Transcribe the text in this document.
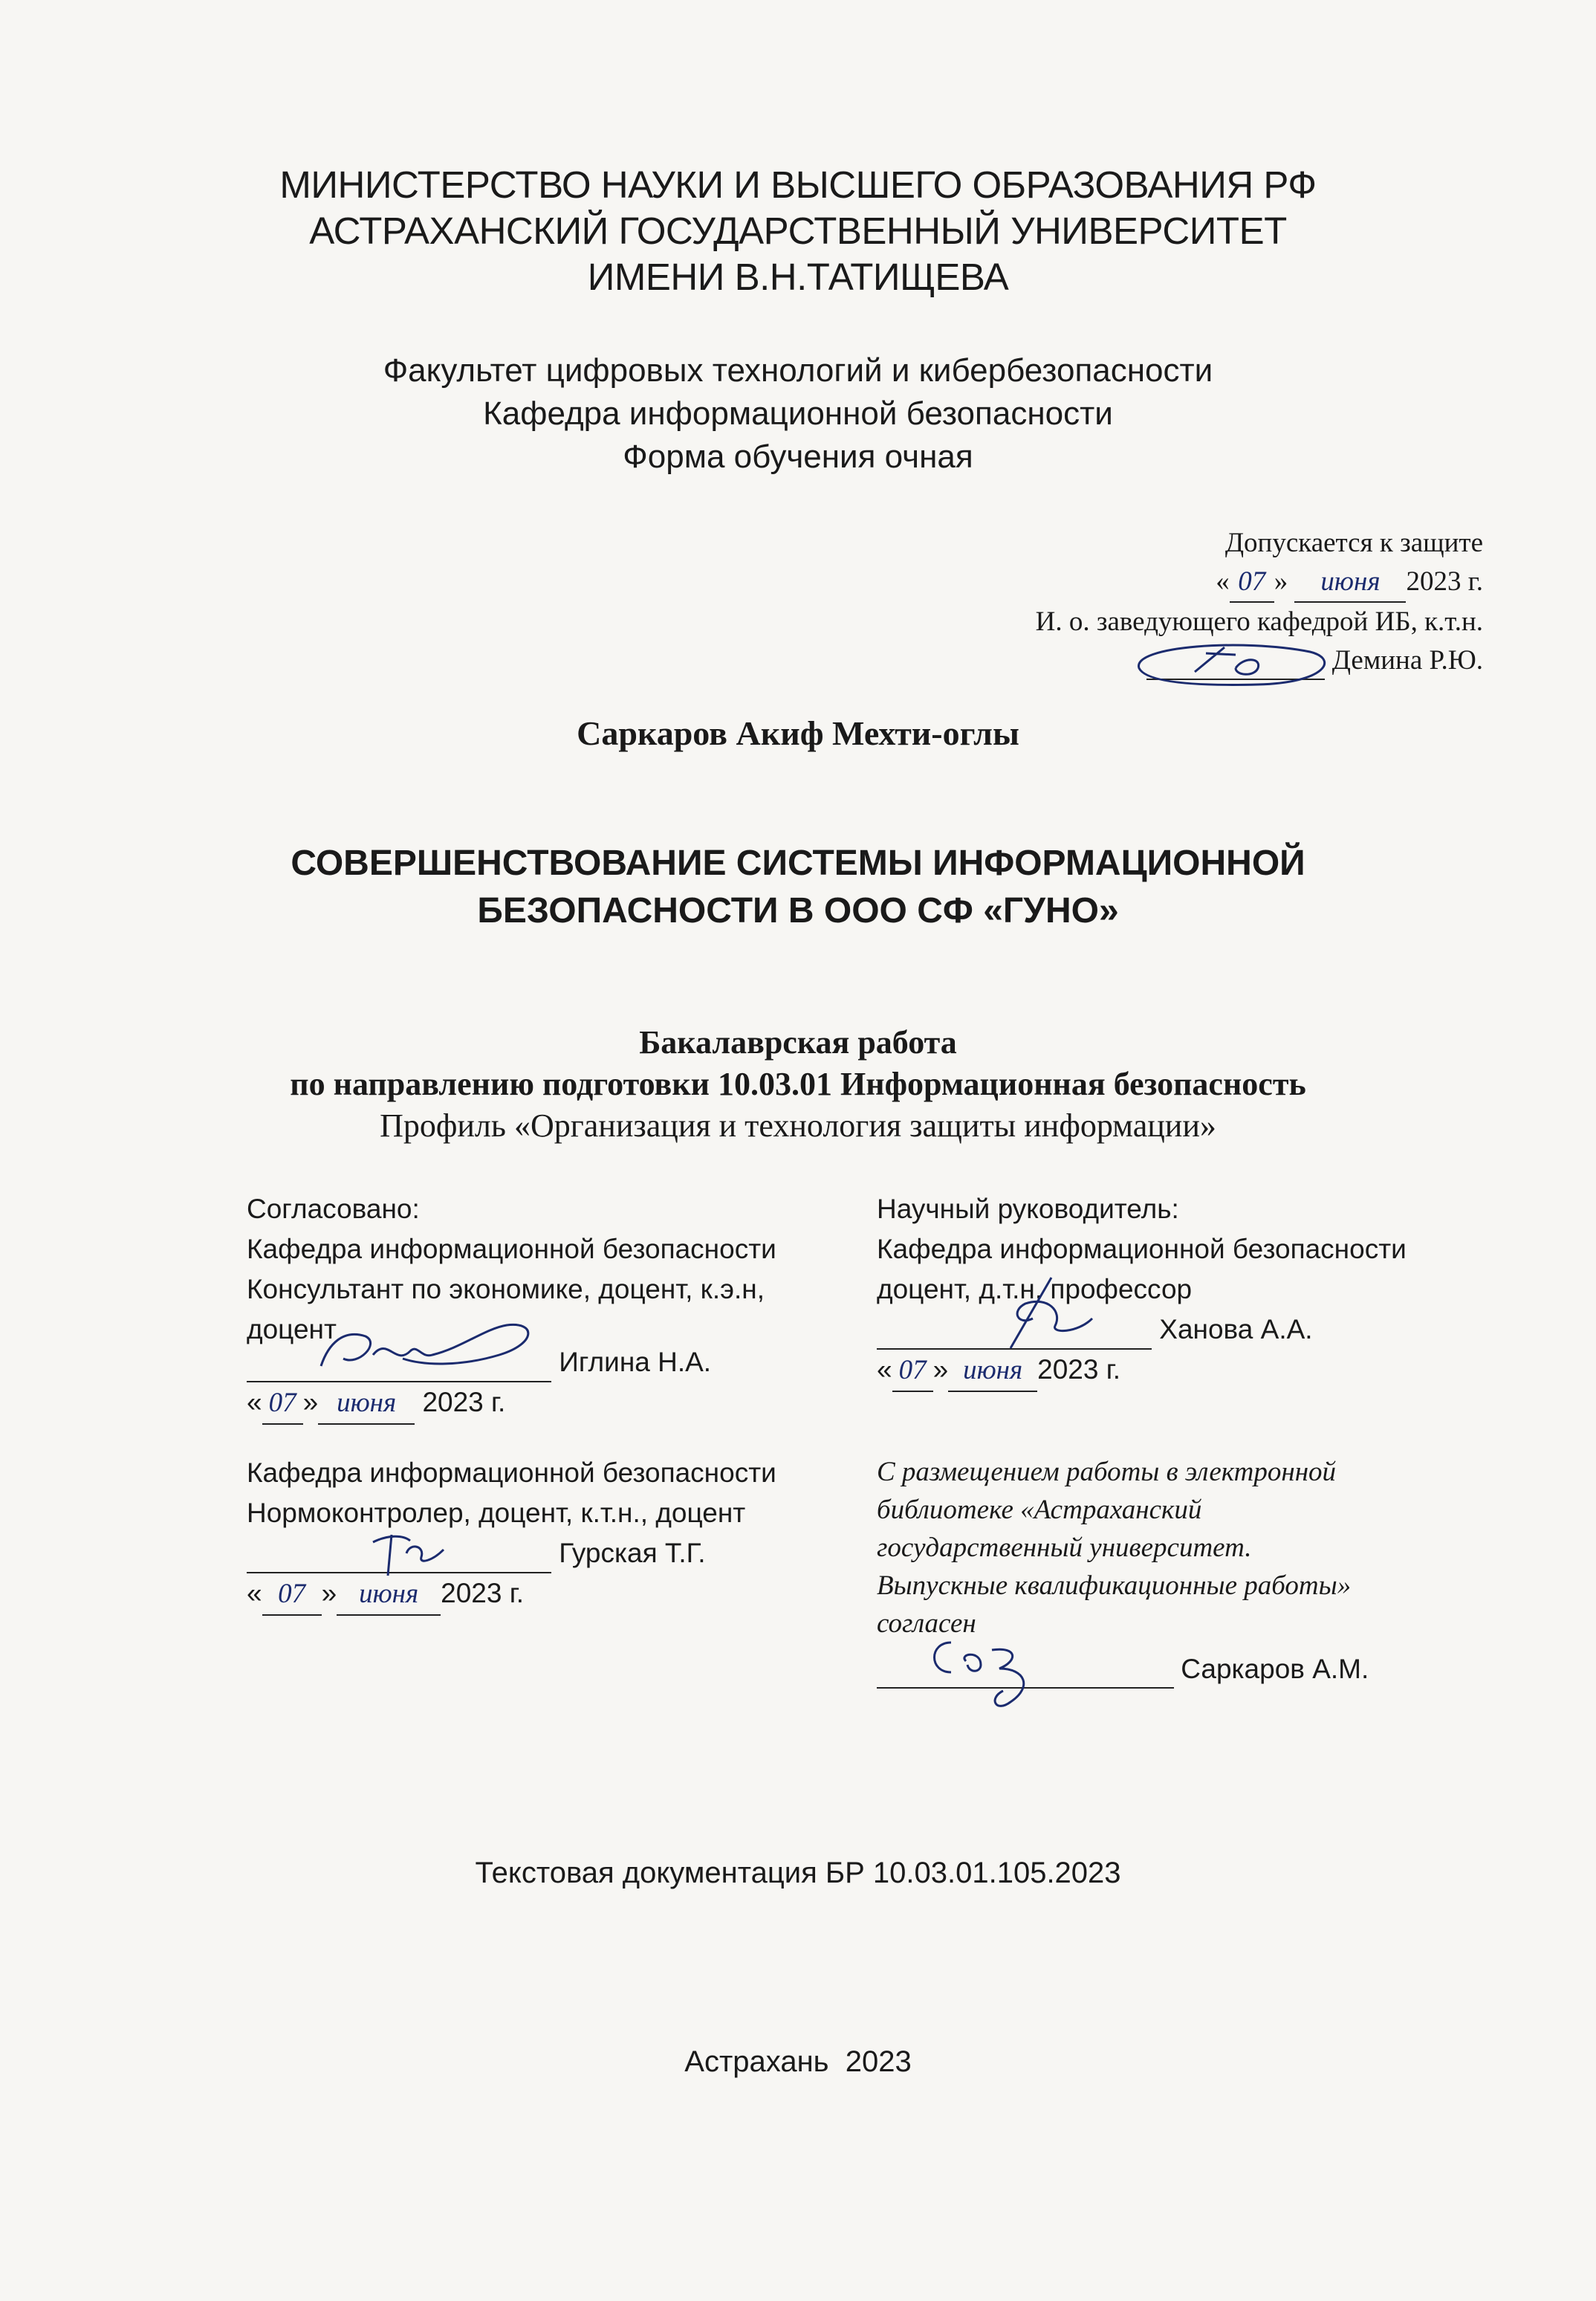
МИНИСТЕРСТВО НАУКИ И ВЫСШЕГО ОБРАЗОВАНИЯ РФ
АСТРАХАНСКИЙ ГОСУДАРСТВЕННЫЙ УНИВЕРСИТЕТ
ИМЕНИ В.Н.ТАТИЩЕВА
Факультет цифровых технологий и кибербезопасности
Кафедра информационной безопасности
Форма обучения очная
Допускается к защите
« 07 » июня 2023 г.
И. о. заведующего кафедрой ИБ, к.т.н.
Демина Р.Ю.
Саркаров Акиф Мехти-оглы
СОВЕРШЕНСТВОВАНИЕ СИСТЕМЫ ИНФОРМАЦИОННОЙ
БЕЗОПАСНОСТИ В ООО СФ «ГУНО»
Бакалаврская работа
по направлению подготовки 10.03.01 Информационная безопасность
Профиль «Организация и технология защиты информации»
Согласовано:
Кафедра информационной безопасности
Консультант по экономике, доцент, к.э.н,
доцент
Иглина Н.А.
« 07 » июня 2023 г.
Научный руководитель:
Кафедра информационной безопасности
доцент, д.т.н, профессор
Ханова А.А.
« 07 » июня 2023 г.
Кафедра информационной безопасности
Нормоконтролер, доцент, к.т.н., доцент
Гурская Т.Г.
« 07 » июня 2023 г.
С размещением работы в электронной
библиотеке «Астраханский
государственный университет.
Выпускные квалификационные работы»
согласен
Саркаров А.М.
Текстовая документация БР 10.03.01.105.2023
Астрахань  2023
